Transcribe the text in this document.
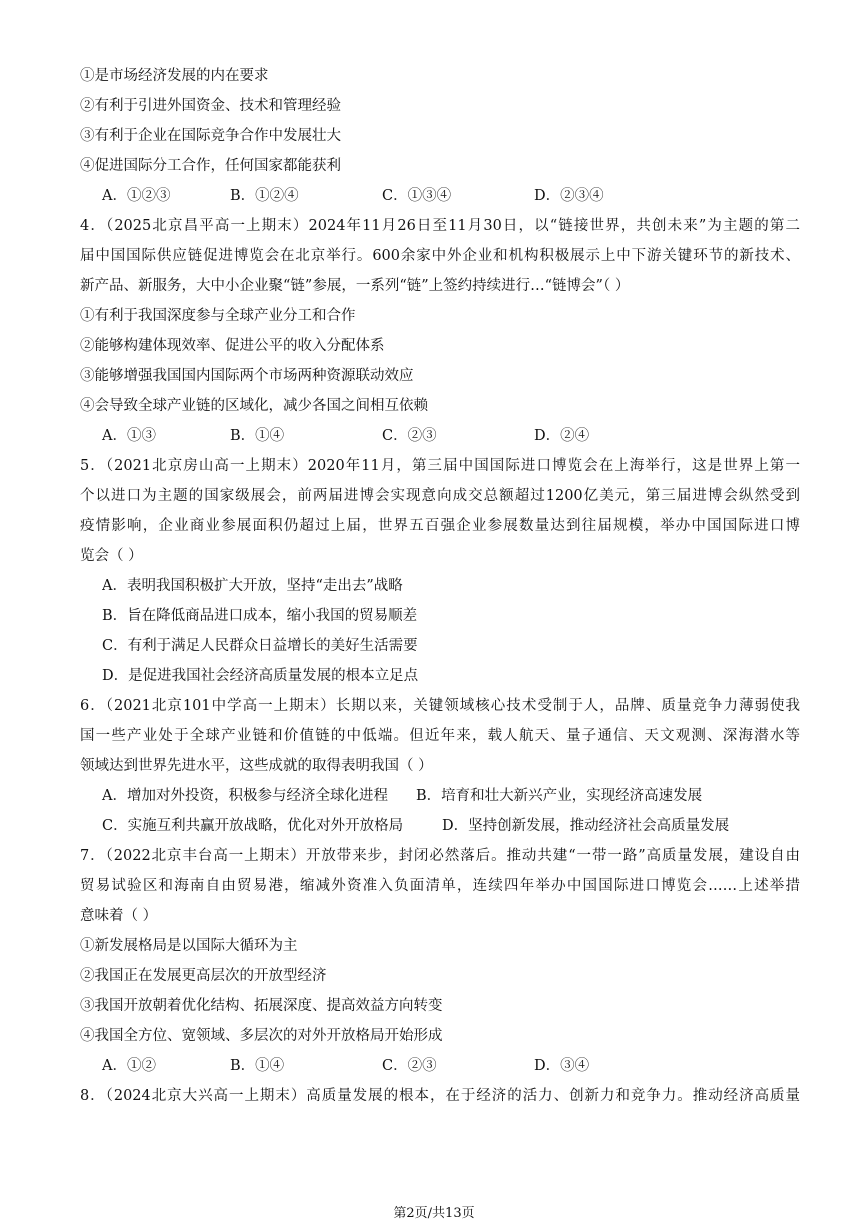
①是市场经济发展的内在要求
②有利于引进外国资金、技术和管理经验
③有利于企业在国际竞争合作中发展壮大
④促进国际分工合作，任何国家都能获利
A．①②③	B．①②④	C．①③④	D．②③④
4．（2025北京昌平高一上期末）2024年11月26日至11月30日，以“链接世界，共创未来”为主题的第二
届中国国际供应链促进博览会在北京举行。600余家中外企业和机构积极展示上中下游关键环节的新技术、
新产品、新服务，大中小企业聚“链”参展，一系列“链”上签约持续进行…“链博会”（ ）
①有利于我国深度参与全球产业分工和合作
②能够构建体现效率、促进公平的收入分配体系
③能够增强我国国内国际两个市场两种资源联动效应
④会导致全球产业链的区域化，减少各国之间相互依赖
A．①③	B．①④	C．②③	D．②④
5．（2021北京房山高一上期末）2020年11月，第三届中国国际进口博览会在上海举行，这是世界上第一
个以进口为主题的国家级展会，前两届进博会实现意向成交总额超过1200亿美元，第三届进博会纵然受到
疫情影响，企业商业参展面积仍超过上届，世界五百强企业参展数量达到往届规模，举办中国国际进口博
览会（ ）
A．表明我国积极扩大开放，坚持“走出去”战略
B．旨在降低商品进口成本，缩小我国的贸易顺差
C．有利于满足人民群众日益增长的美好生活需要
D．是促进我国社会经济高质量发展的根本立足点
6．（2021北京101中学高一上期末）长期以来，关键领域核心技术受制于人，品牌、质量竞争力薄弱使我
国一些产业处于全球产业链和价值链的中低端。但近年来，载人航天、量子通信、天文观测、深海潜水等
领域达到世界先进水平，这些成就的取得表明我国（ ）
A．增加对外投资，积极参与经济全球化进程 B．培育和壮大新兴产业，实现经济高速发展
C．实施互利共赢开放战略，优化对外开放格局	D．坚持创新发展，推动经济社会高质量发展
7．（2022北京丰台高一上期末）开放带来步，封闭必然落后。推动共建“一带一路”高质量发展，建设自由
贸易试验区和海南自由贸易港，缩减外资准入负面清单，连续四年举办中国国际进口博览会……上述举措
意味着（ ）
①新发展格局是以国际大循环为主
②我国正在发展更高层次的开放型经济
③我国开放朝着优化结构、拓展深度、提高效益方向转变
④我国全方位、宽领域、多层次的对外开放格局开始形成
A．①②	B．①④	C．②③	D．③④
8．（2024北京大兴高一上期末）高质量发展的根本，在于经济的活力、创新力和竞争力。推动经济高质量
第2页/共13页
